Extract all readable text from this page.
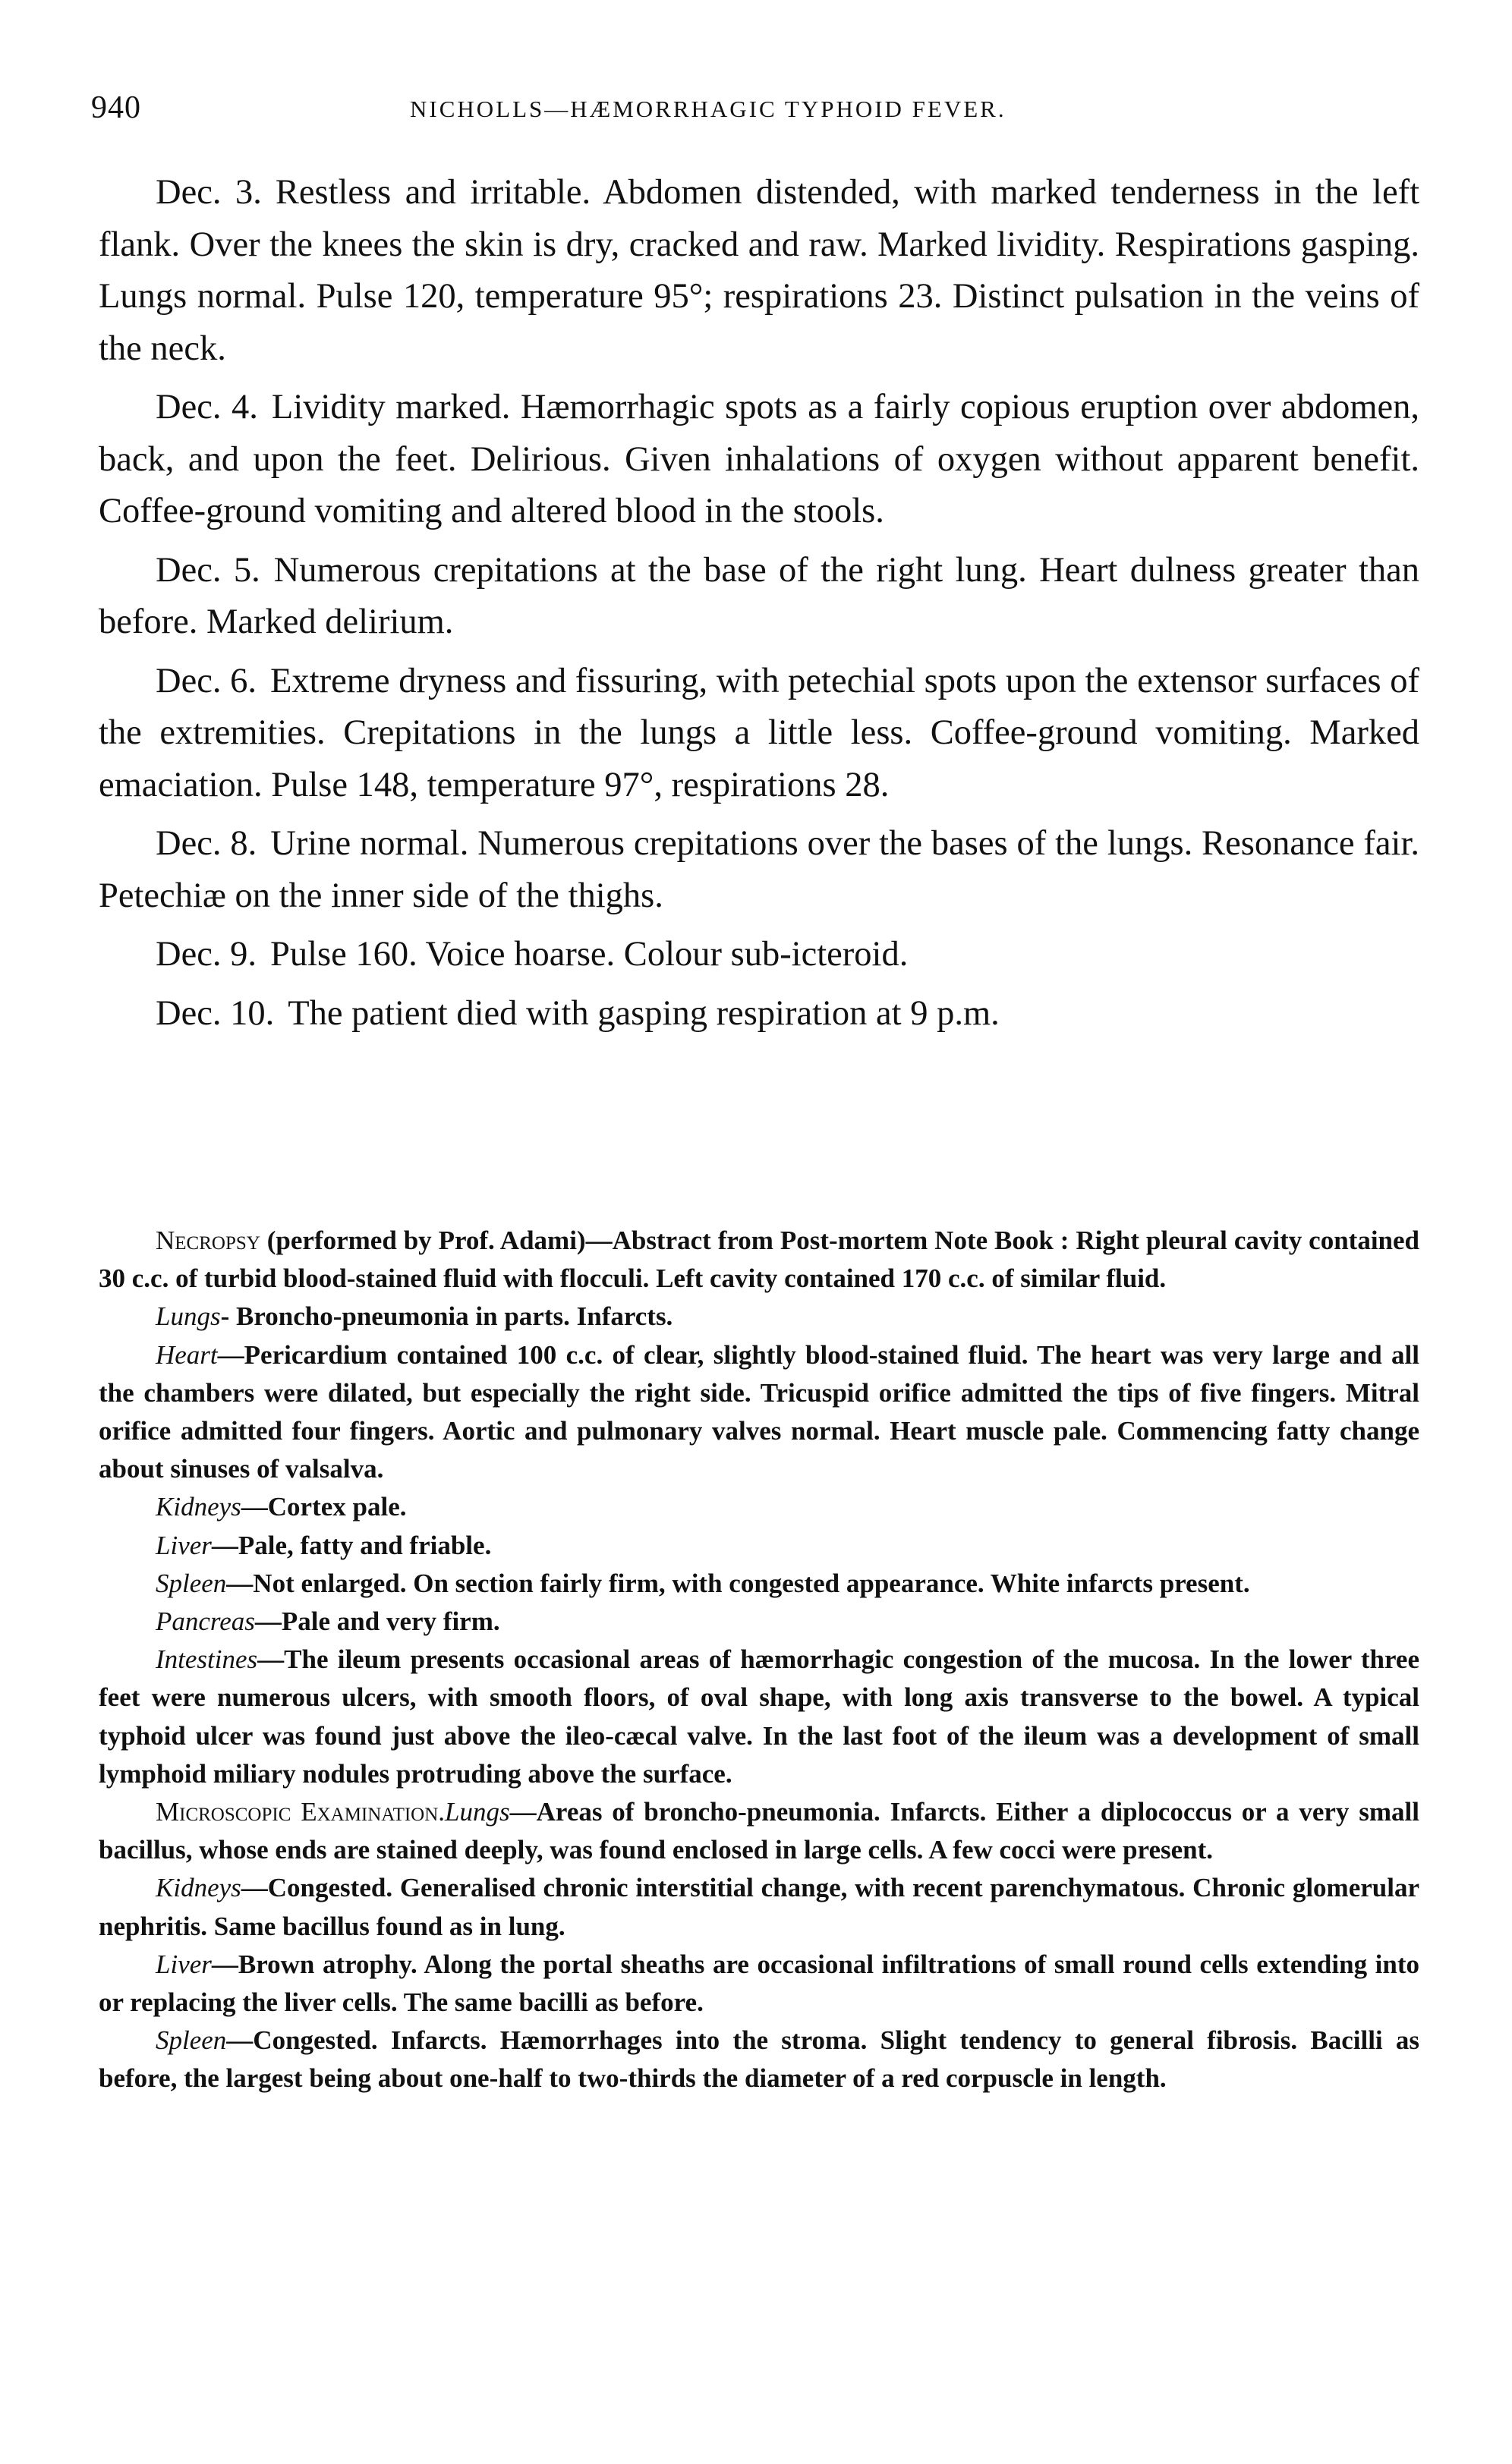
940	NICHOLLS—HÆMORRHAGIC TYPHOID FEVER.

Dec. 3. Restless and irritable. Abdomen distended, with marked tenderness in the left flank. Over the knees the skin is dry, cracked and raw. Marked lividity. Respirations gasping. Lungs normal. Pulse 120, temperature 95°; respirations 23. Distinct pulsation in the veins of the neck.

Dec. 4. Lividity marked. Hæmorrhagic spots as a fairly copious eruption over abdomen, back, and upon the feet. Delirious. Given inhalations of oxygen without apparent benefit. Coffee-ground vomiting and altered blood in the stools.

Dec. 5. Numerous crepitations at the base of the right lung. Heart dulness greater than before. Marked delirium.

Dec. 6. Extreme dryness and fissuring, with petechial spots upon the extensor surfaces of the extremities. Crepitations in the lungs a little less. Coffee-ground vomiting. Marked emaciation. Pulse 148, temperature 97°, respirations 28.

Dec. 8. Urine normal. Numerous crepitations over the bases of the lungs. Resonance fair. Petechiæ on the inner side of the thighs.

Dec. 9. Pulse 160. Voice hoarse. Colour sub-icteroid.

Dec. 10. The patient died with gasping respiration at 9 p.m.

Necropsy (performed by Prof. Adami)—Abstract from Post-mortem Note Book : Right pleural cavity contained 30 c.c. of turbid blood-stained fluid with flocculi. Left cavity contained 170 c.c. of similar fluid.

Lungs- Broncho-pneumonia in parts. Infarcts.

Heart—Pericardium contained 100 c.c. of clear, slightly blood-stained fluid. The heart was very large and all the chambers were dilated, but especially the right side. Tricuspid orifice admitted the tips of five fingers. Mitral orifice admitted four fingers. Aortic and pulmonary valves normal. Heart muscle pale. Commencing fatty change about sinuses of valsalva.

Kidneys—Cortex pale.

Liver—Pale, fatty and friable.

Spleen—Not enlarged. On section fairly firm, with congested appearance. White infarcts present.

Pancreas—Pale and very firm.

Intestines—The ileum presents occasional areas of hæmorrhagic congestion of the mucosa. In the lower three feet were numerous ulcers, with smooth floors, of oval shape, with long axis transverse to the bowel. A typical typhoid ulcer was found just above the ileo-cæcal valve. In the last foot of the ileum was a development of small lymphoid miliary nodules protruding above the surface.

Microscopic Examination.Lungs—Areas of broncho-pneumonia. Infarcts. Either a diplococcus or a very small bacillus, whose ends are stained deeply, was found enclosed in large cells. A few cocci were present.

Kidneys—Congested. Generalised chronic interstitial change, with recent parenchymatous. Chronic glomerular nephritis. Same bacillus found as in lung.

Liver—Brown atrophy. Along the portal sheaths are occasional infiltrations of small round cells extending into or replacing the liver cells. The same bacilli as before.

Spleen—Congested. Infarcts. Hæmorrhages into the stroma. Slight tendency to general fibrosis. Bacilli as before, the largest being about one-half to two-thirds the diameter of a red corpuscle in length.
